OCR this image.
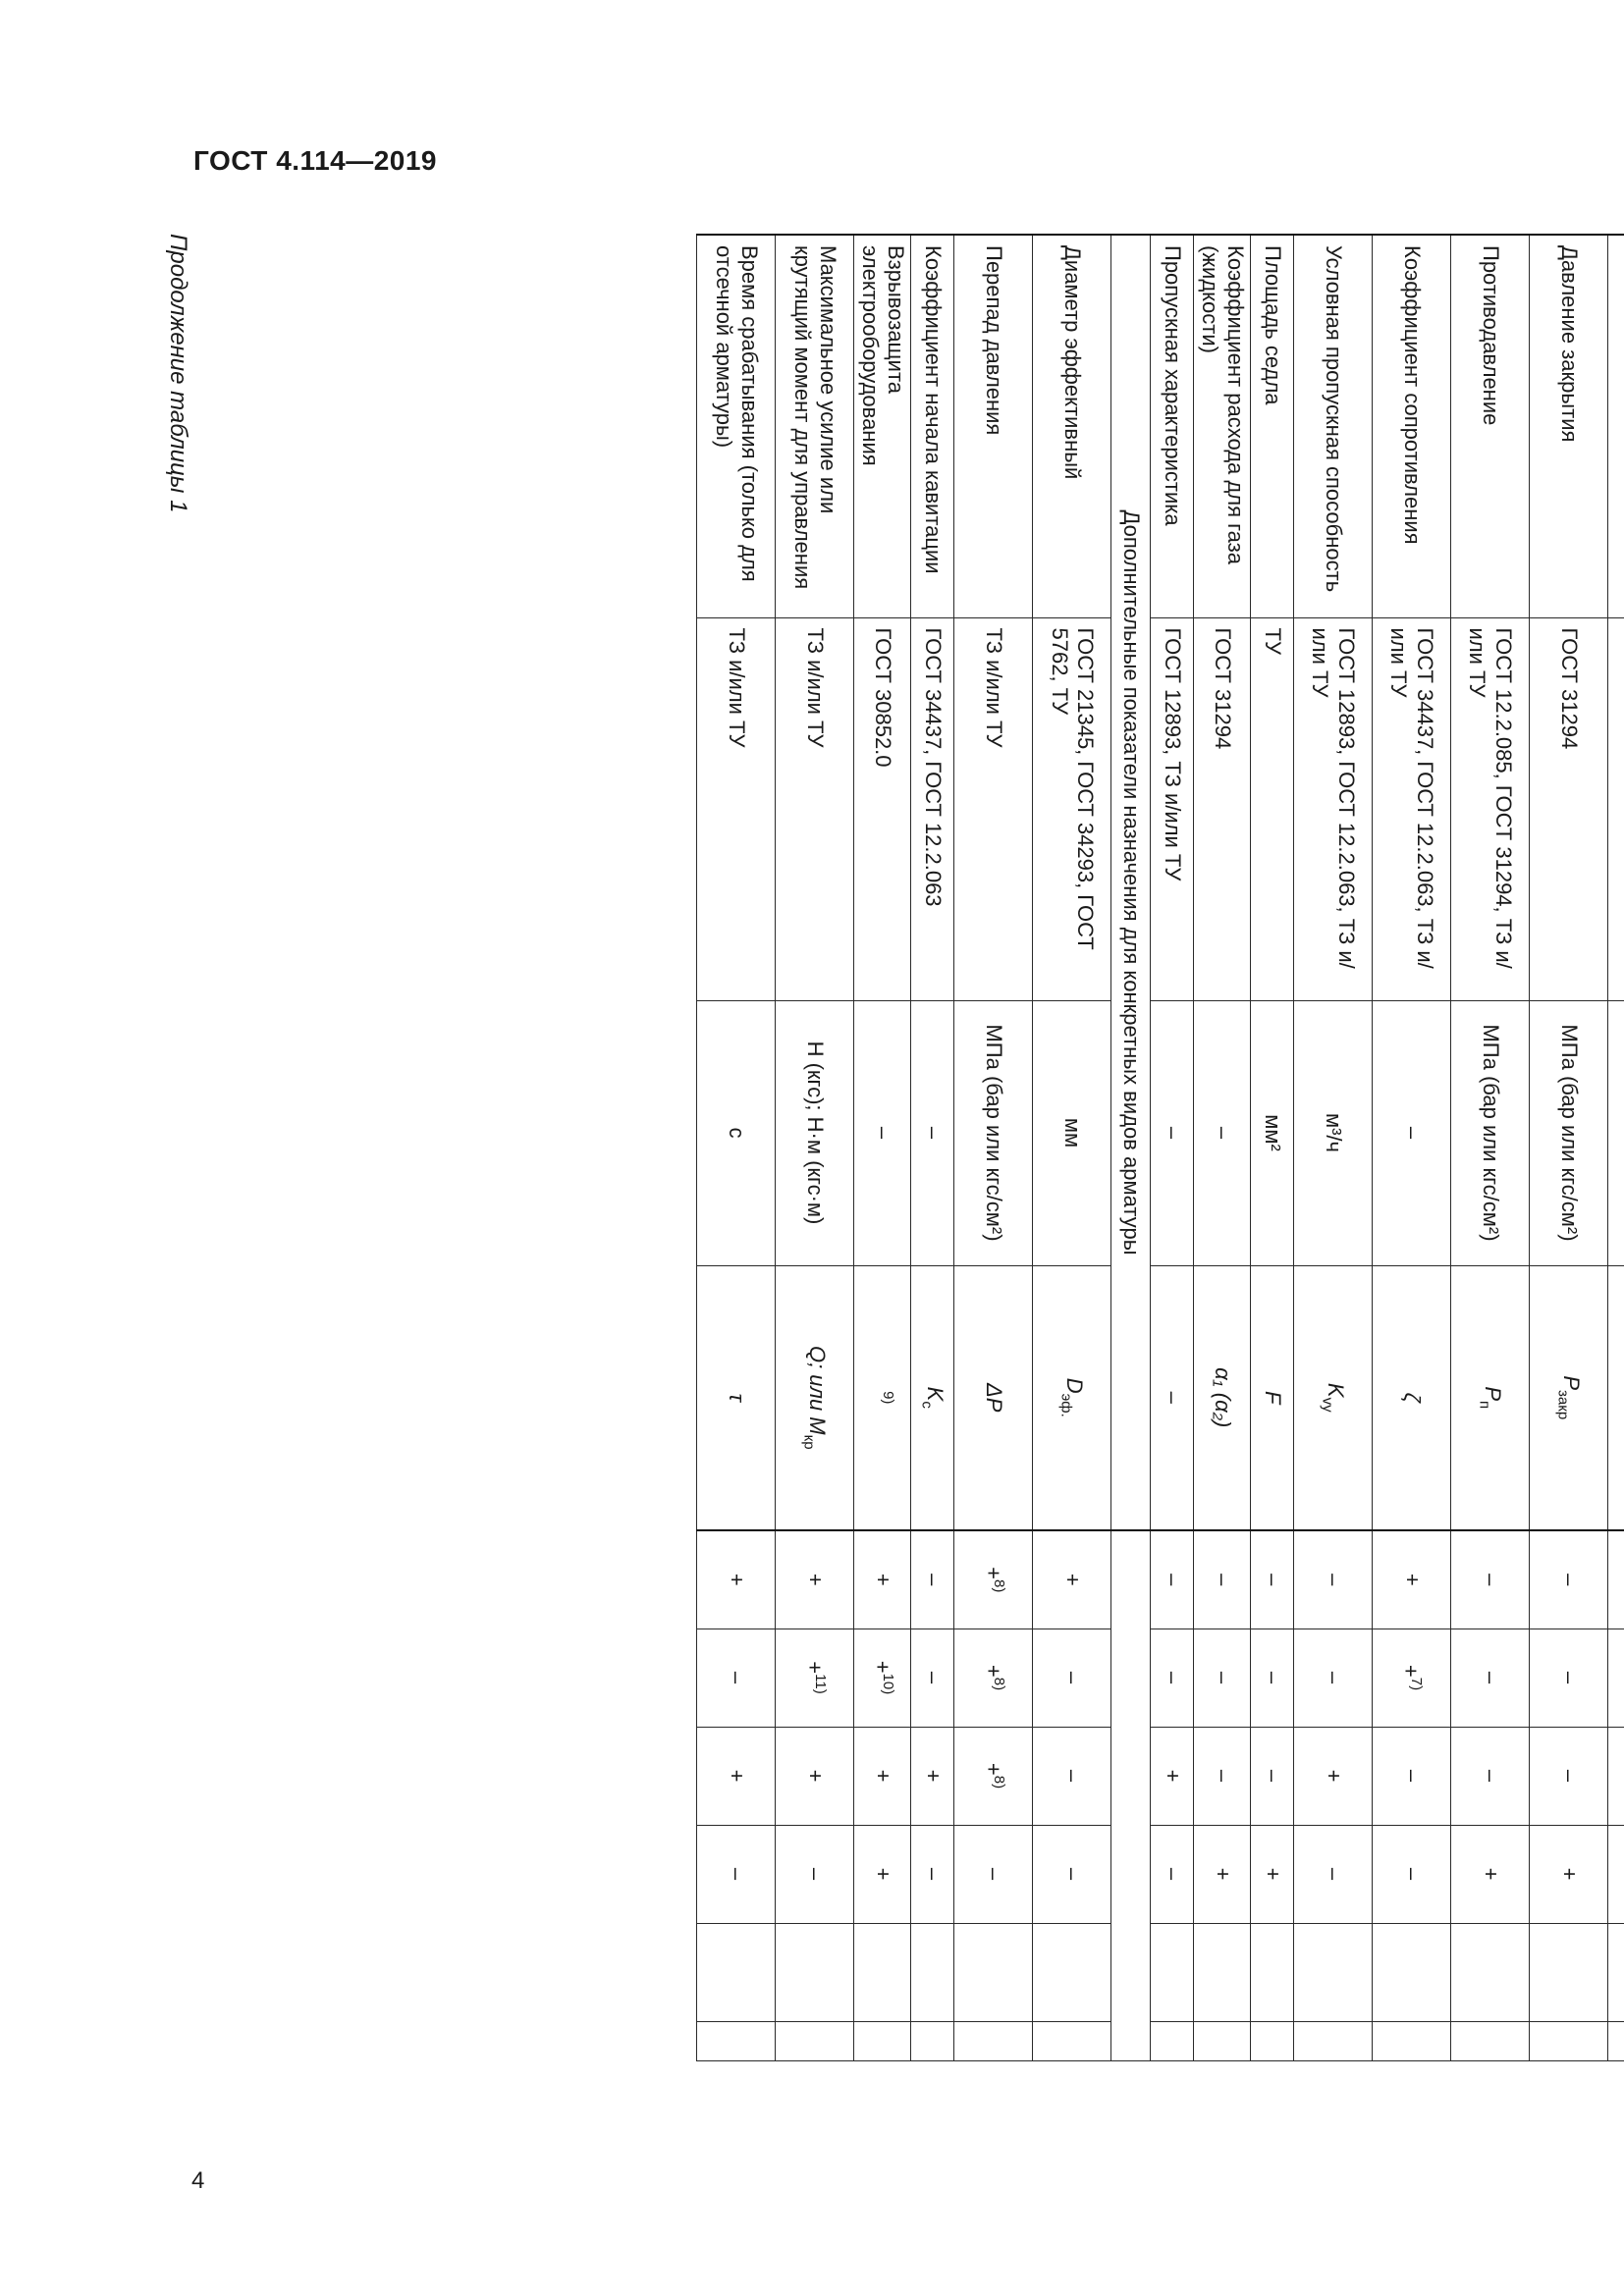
ГОСТ 4.114—2019
4
Продолжение таблицы 1

										Давление закрытия	ГОСТ 31294	МПа (бар или кгс/см²)	$P_{закр}$	–	–	–	+		
Противодавление	ГОСТ 12.2.085, ГОСТ 31294, ТЗ и/или ТУ	МПа (бар или кгс/см²)	$P_п$	–	–	–	+		
Коэффициент сопротивления	ГОСТ 34437, ГОСТ 12.2.063, ТЗ и/или ТУ	–	ζ	+	+$^{7)}$	–	–		
Условная пропускная способность	ГОСТ 12893, ГОСТ 12.2.063, ТЗ и/или ТУ	м³/ч	$K_{vy}$	–	–	+	–		
Площадь седла	ТУ	мм²	F	–	–	–	+		
Коэффициент расхода для газа (жидкости)	ГОСТ 31294	–	α₁ (α₂)	–	–	–	+		
Пропускная характеристика	ГОСТ 12893, ТЗ и/или ТУ	–	–	–	–	+	–		
Дополнительные показатели назначения для конкретных видов арматуры									
Диаметр эффективный	ГОСТ 21345, ГОСТ 34293, ГОСТ 5762, ТУ	мм	$D_{эф.}$	+	–	–	–		
Перепад давления	ТЗ и/или ТУ	МПа (бар или кгс/см²)	ΔP	+$^{8)}$	+$^{8)}$	+$^{8)}$	–		
Коэффициент начала кавитации	ГОСТ 34437, ГОСТ 12.2.063	–	$K_c$	–	–	+	–		
Взрывозащита электрооборудования	ГОСТ 30852.0	–	$^{9)}$	+	+$^{10)}$	+	+		
Максимальное усилие или крутящий момент для управления	ТЗ и/или ТУ	Н (кгс); Н·м (кгс·м)	Q; или $M_{кр}$	+	+$^{11)}$	+	–		
Время срабатывания (только для отсечной арматуры)	ТЗ и/или ТУ	с	τ	+	–	+	–		
